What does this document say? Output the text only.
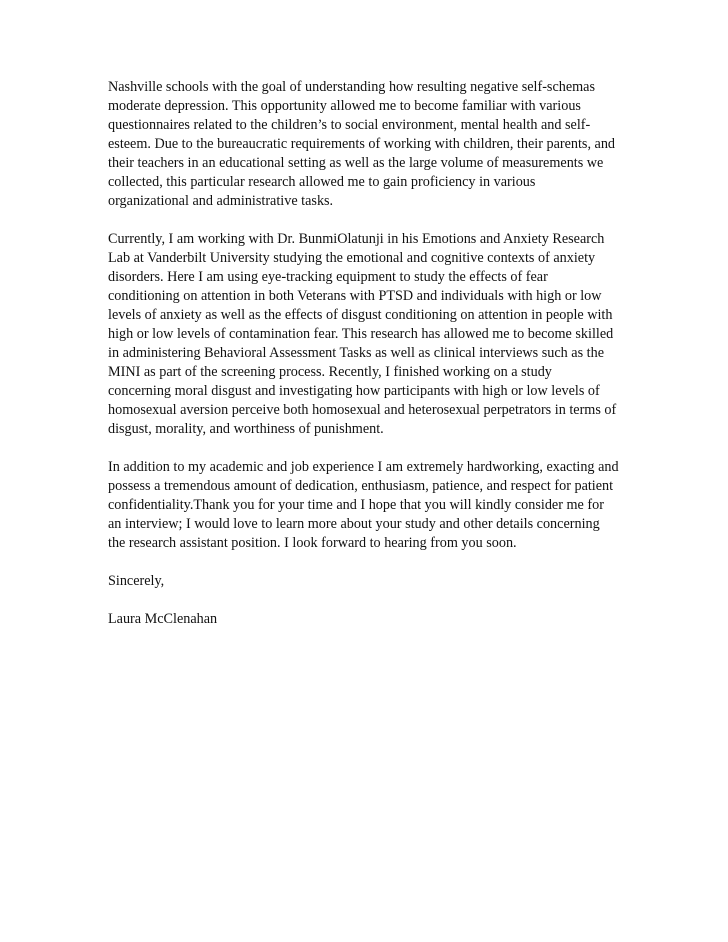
Nashville schools with the goal of understanding how resulting negative self-schemas
moderate depression. This opportunity allowed me to become familiar with various
questionnaires related to the children’s to social environment, mental health and self-
esteem. Due to the bureaucratic requirements of working with children, their parents, and
their teachers in an educational setting as well as the large volume of measurements we
collected, this particular research allowed me to gain proficiency in various
organizational and administrative tasks.

Currently, I am working with Dr. BunmiOlatunji in his Emotions and Anxiety Research
Lab at Vanderbilt University studying the emotional and cognitive contexts of anxiety
disorders. Here I am using eye-tracking equipment to study the effects of fear
conditioning on attention in both Veterans with PTSD and individuals with high or low
levels of anxiety as well as the effects of disgust conditioning on attention in people with
high or low levels of contamination fear. This research has allowed me to become skilled
in administering Behavioral Assessment Tasks as well as clinical interviews such as the
MINI as part of the screening process. Recently, I finished working on a study
concerning moral disgust and investigating how participants with high or low levels of
homosexual aversion perceive both homosexual and heterosexual perpetrators in terms of
disgust, morality, and worthiness of punishment.

In addition to my academic and job experience I am extremely hardworking, exacting and
possess a tremendous amount of dedication, enthusiasm, patience, and respect for patient
confidentiality.Thank you for your time and I hope that you will kindly consider me for
an interview; I would love to learn more about your study and other details concerning
the research assistant position. I look forward to hearing from you soon.

Sincerely,

Laura McClenahan
